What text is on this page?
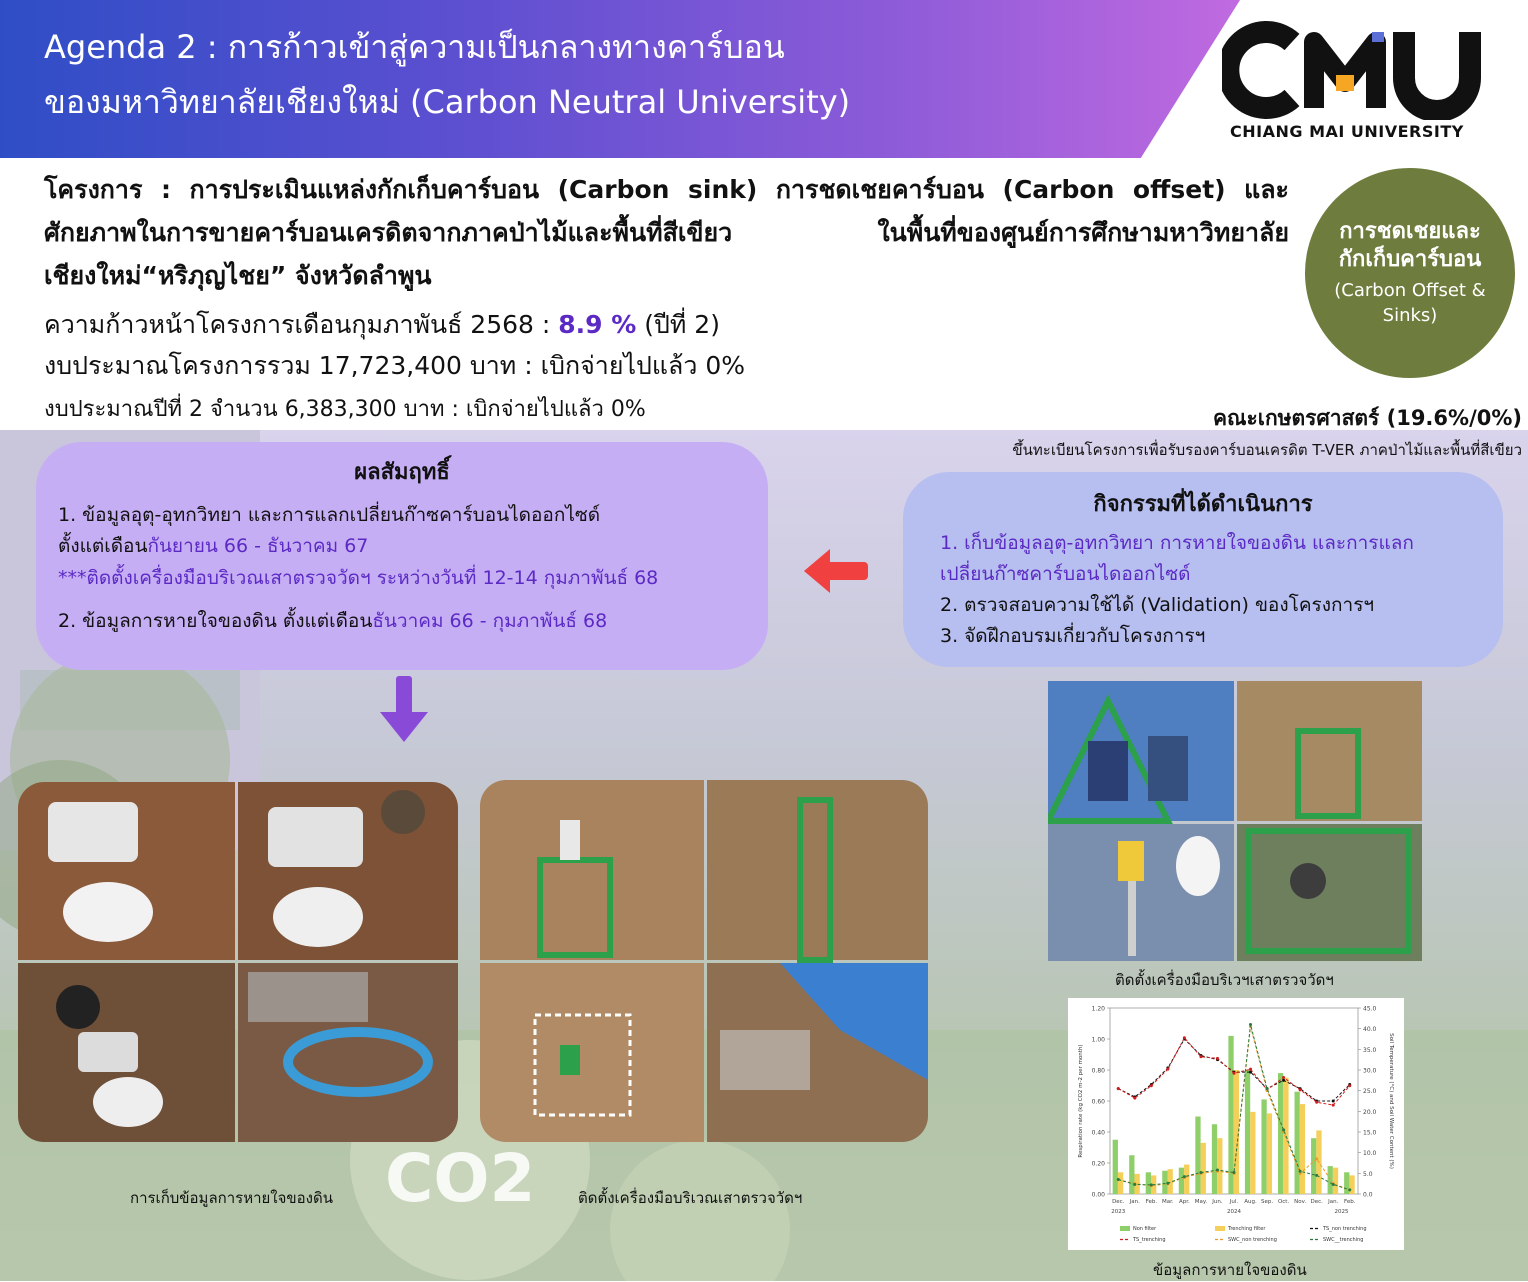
Agenda 2 : การก้าวเข้าสู่ความเป็นกลางทางคาร์บอน
ของมหาวิทยาลัยเชียงใหม่ (Carbon Neutral University)
CHIANG MAI UNIVERSITY
โครงการ : การประเมินแหล่งกักเก็บคาร์บอน (Carbon sink) การชดเชยคาร์บอน (Carbon offset) และศักยภาพในการขายคาร์บอนเครดิตจากภาคป่าไม้และพื้นที่สีเขียว ในพื้นที่ของศูนย์การศึกษามหาวิทยาลัยเชียงใหม่“หริภุญไชย” จังหวัดลำพูน
ความก้าวหน้าโครงการเดือนกุมภาพันธ์ 2568 : 8.9 % (ปีที่ 2)
งบประมาณโครงการรวม 17,723,400 บาท : เบิกจ่ายไปแล้ว 0%
งบประมาณปีที่ 2 จำนวน 6,383,300 บาท : เบิกจ่ายไปแล้ว 0%
การชดเชยและกักเก็บคาร์บอน
(Carbon Offset & Sinks)
คณะเกษตรศาสตร์ (19.6%/0%)
ขึ้นทะเบียนโครงการเพื่อรับรองคาร์บอนเครดิต T-VER ภาคป่าไม้และพื้นที่สีเขียว
ผลสัมฤทธิ์
1. ข้อมูลอุตุ-อุทกวิทยา และการแลกเปลี่ยนก๊าซคาร์บอนไดออกไซด์
ตั้งแต่เดือนกันยายน 66 - ธันวาคม 67
***ติดตั้งเครื่องมือบริเวณเสาตรวจวัดฯ ระหว่างวันที่ 12-14 กุมภาพันธ์ 68
2. ข้อมูลการหายใจของดิน ตั้งแต่เดือนธันวาคม 66 - กุมภาพันธ์ 68
กิจกรรมที่ได้ดำเนินการ
1. เก็บข้อมูลอุตุ-อุทกวิทยา การหายใจของดิน และการแลก
เปลี่ยนก๊าซคาร์บอนไดออกไซด์
2. ตรวจสอบความใช้ได้ (Validation) ของโครงการฯ
3. จัดฝึกอบรมเกี่ยวกับโครงการฯ
การเก็บข้อมูลการหายใจของดิน	ติดตั้งเครื่องมือบริเวณเสาตรวจวัดฯ
ติดตั้งเครื่องมือบริเวฯเสาตรวจวัดฯ
0.00
0.20
0.40
0.60
0.80
1.00
1.20
0.0
5.0
10.0
15.0
20.0
25.0
30.0
35.0
40.0
45.0
Dec. Jan. Feb. Mar. Apr. May. Jun. Jul. Aug. Sep. Oct. Nov. Dec. Jan. Feb.
2023	2024	2025
Respiration rate (kg CO2 m-2 per month)	Soil Temperature (°C) and Soil Water Content (%)
Non filter	Trenching filter	TS_non trenching
TS_trenching	SWC_non trenching	SWC__trenching
ข้อมูลการหายใจของดิน
CO2
